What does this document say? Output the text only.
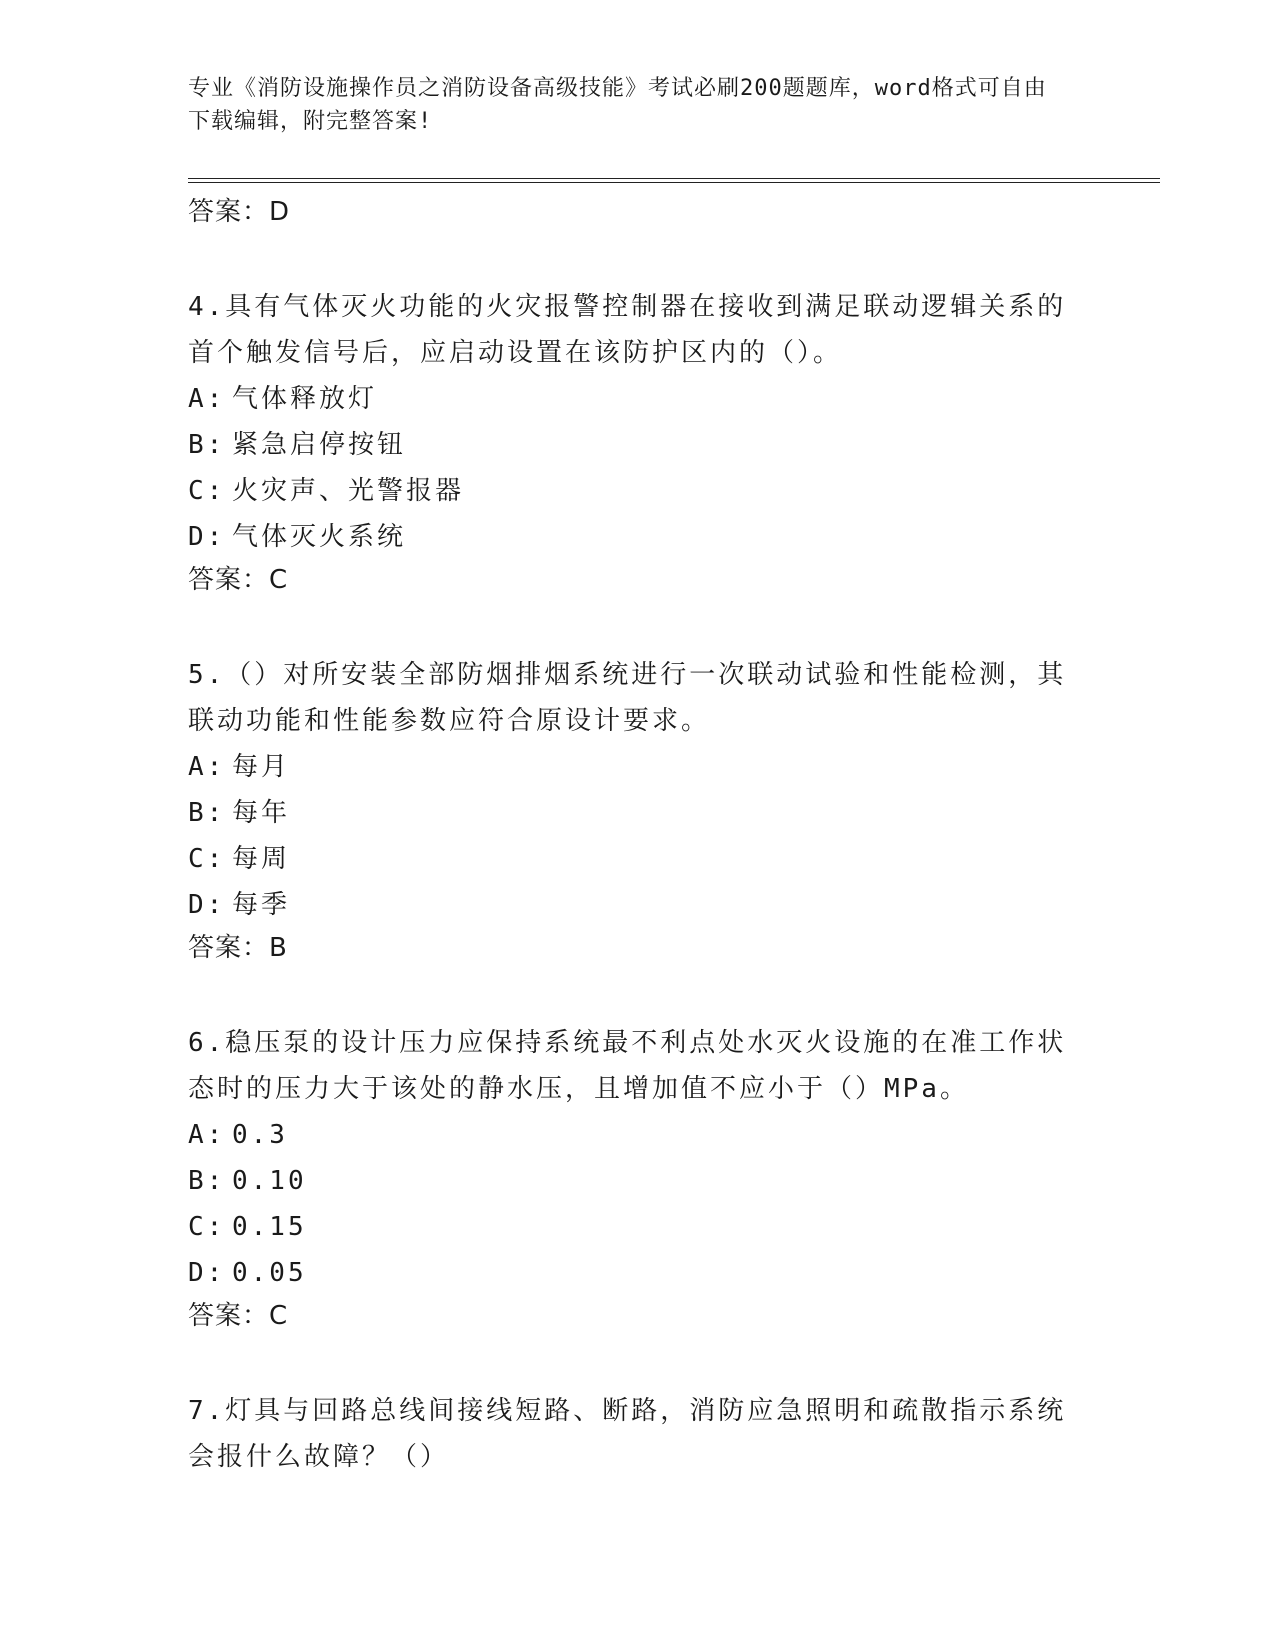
专业《消防设施操作员之消防设备高级技能》考试必刷200题题库，word格式可自由下载编辑，附完整答案!
答案：D
4.具有气体灭火功能的火灾报警控制器在接收到满足联动逻辑关系的首个触发信号后，应启动设置在该防护区内的（）。
A: 气体释放灯
B: 紧急启停按钮
C: 火灾声、光警报器
D: 气体灭火系统
答案：C
5.（）对所安装全部防烟排烟系统进行一次联动试验和性能检测，其联动功能和性能参数应符合原设计要求。
A: 每月
B: 每年
C: 每周
D: 每季
答案：B
6.稳压泵的设计压力应保持系统最不利点处水灭火设施的在准工作状态时的压力大于该处的静水压，且增加值不应小于（）MPa。
A: 0.3
B: 0.10
C: 0.15
D: 0.05
答案：C
7.灯具与回路总线间接线短路、断路，消防应急照明和疏散指示系统会报什么故障？（）
